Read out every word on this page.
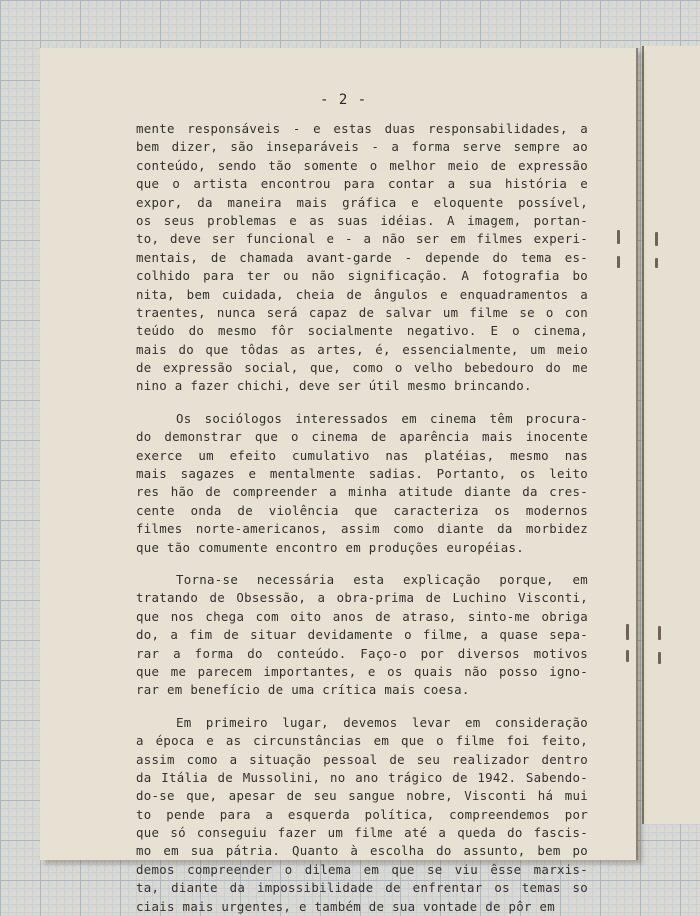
- 2 -
mente responsáveis - e estas duas responsabilidades, a
bem dizer, são inseparáveis - a forma serve sempre ao
conteúdo, sendo tão somente o melhor meio de expressão
que o artista encontrou para contar a sua história e
expor, da maneira mais gráfica e eloquente possível,
os seus problemas e as suas idéias. A imagem, portan-
to, deve ser funcional e - a não ser em filmes experi-
mentais, de chamada avant-garde - depende do tema es-
colhido para ter ou não significação. A fotografia bo
nita, bem cuidada, cheia de ângulos e enquadramentos a
traentes, nunca será capaz de salvar um filme se o con
teúdo do mesmo fôr socialmente negativo. E o cinema,
mais do que tôdas as artes, é, essencialmente, um meio
de expressão social, que, como o velho bebedouro do me
nino a fazer chichi, deve ser útil mesmo brincando.
Os sociólogos interessados em cinema têm procura-
do demonstrar que o cinema de aparência mais inocente
exerce um efeito cumulativo nas platéias, mesmo nas
mais sagazes e mentalmente sadias. Portanto, os leito
res hão de compreender a minha atitude diante da cres-
cente onda de violência que caracteriza os modernos
filmes norte-americanos, assim como diante da morbidez
que tão comumente encontro em produções européias.
Torna-se necessária esta explicação porque, em
tratando de Obsessão, a obra-prima de Luchino Visconti,
que nos chega com oito anos de atraso, sinto-me obriga
do, a fim de situar devidamente o filme, a quase sepa-
rar a forma do conteúdo. Faço-o por diversos motivos
que me parecem importantes, e os quais não posso igno-
rar em benefício de uma crítica mais coesa.
Em primeiro lugar, devemos levar em consideração
a época e as circunstâncias em que o filme foi feito,
assim como a situação pessoal de seu realizador dentro
da Itália de Mussolini, no ano trágico de 1942. Sabendo-
do-se que, apesar de seu sangue nobre, Visconti há mui
to pende para a esquerda política, compreendemos por
que só conseguiu fazer um filme até a queda do fascis-
mo em sua pátria. Quanto à escolha do assunto, bem po
demos compreender o dilema em que se viu êsse marxis-
ta, diante da impossibilidade de enfrentar os temas so
ciais mais urgentes, e também de sua vontade de pôr em
